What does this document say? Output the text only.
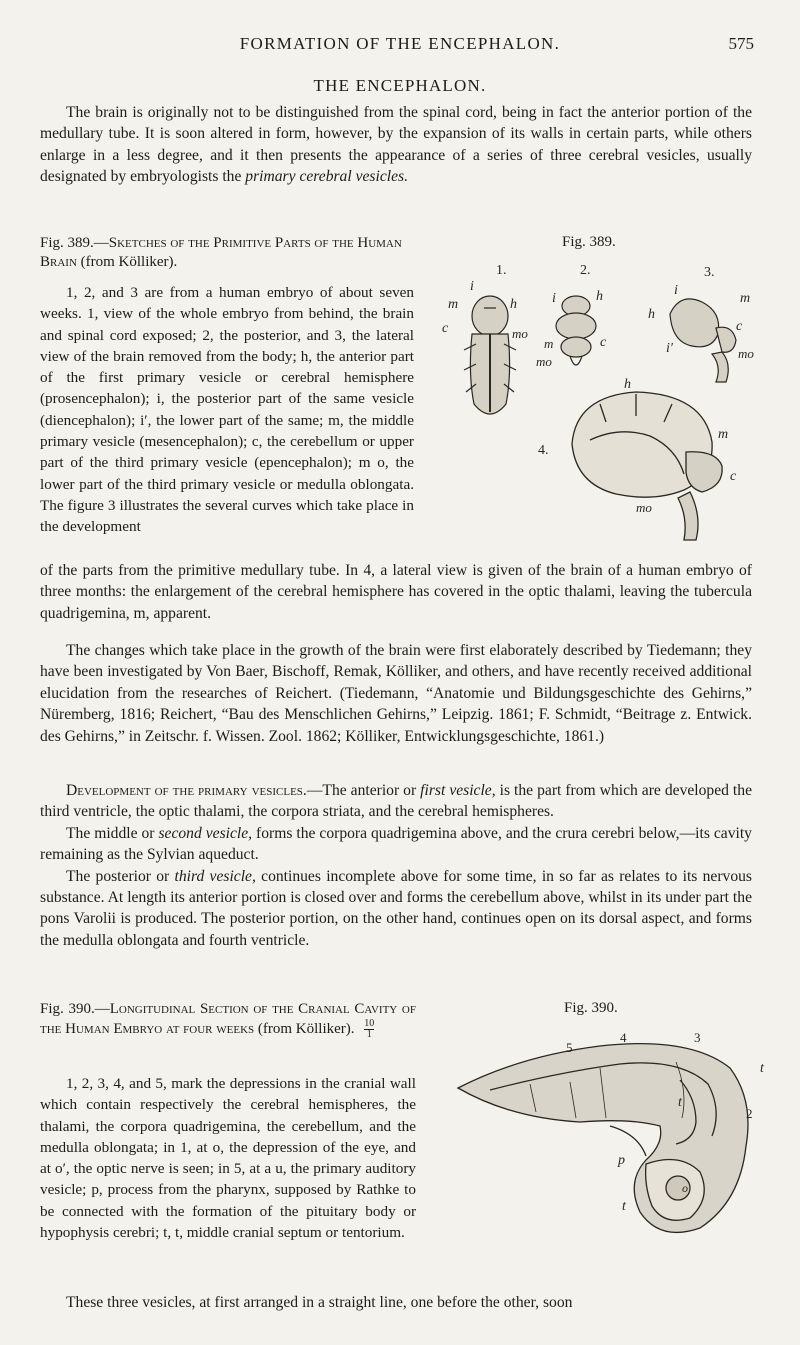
FORMATION OF THE ENCEPHALON.	575
THE ENCEPHALON.

The brain is originally not to be distinguished from the spinal cord, being in fact the anterior portion of the medullary tube. It is soon altered in form, however, by the expansion of its walls in certain parts, while others enlarge in a less degree, and it then presents the appearance of a series of three cerebral vesicles, usually designated by embryologists the primary cerebral vesicles.

Fig. 389.—Sketches of the Primitive Parts of the Human Brain (from Kölliker).

1, 2, and 3 are from a human embryo of about seven weeks. 1, view of the whole embryo from behind, the brain and spinal cord exposed; 2, the posterior, and 3, the lateral view of the brain removed from the body; h, the anterior part of the first primary vesicle or cerebral hemisphere (prosencephalon); i, the posterior part of the same vesicle (diencephalon); i′, the lower part of the same; m, the middle primary vesicle (mesencephalon); c, the cerebellum or upper part of the third primary vesicle (epencephalon); m o, the lower part of the third primary vesicle or medulla oblongata. The figure 3 illustrates the several curves which take place in the development

Fig. 389.
1.	2.	3.
4.
i
m	h
c	mo
i	h
m	c
mo
i
m
h
c
i′	mo
h
m
c
mo

of the parts from the primitive medullary tube. In 4, a lateral view is given of the brain of a human embryo of three months: the enlargement of the cerebral hemisphere has covered in the optic thalami, leaving the tubercula quadrigemina, m, apparent.

The changes which take place in the growth of the brain were first elaborately described by Tiedemann; they have been investigated by Von Baer, Bischoff, Remak, Kölliker, and others, and have recently received additional elucidation from the researches of Reichert. (Tiedemann, “Anatomie und Bildungsgeschichte des Gehirns,” Nüremberg, 1816; Reichert, “Bau des Menschlichen Gehirns,” Leipzig. 1861; F. Schmidt, “Beitrage z. Entwick. des Gehirns,” in Zeitschr. f. Wissen. Zool. 1862; Kölliker, Entwicklungsgeschichte, 1861.)

Development of the primary vesicles.—The anterior or first vesicle, is the part from which are developed the third ventricle, the optic thalami, the corpora striata, and the cerebral hemispheres.

The middle or second vesicle, forms the corpora quadrigemina above, and the crura cerebri below,—its cavity remaining as the Sylvian aqueduct.

The posterior or third vesicle, continues incomplete above for some time, in so far as relates to its nervous substance. At length its anterior portion is closed over and forms the cerebellum above, whilst in its under part the pons Varolii is produced. The posterior portion, on the other hand, continues open on its dorsal aspect, and forms the medulla oblongata and fourth ventricle.

Fig. 390.—Longitudinal Section of the Cranial Cavity of the Human Embryo at four weeks (from Kölliker). $\frac{10}{1}$

1, 2, 3, 4, and 5, mark the depressions in the cranial wall which contain respectively the cerebral hemispheres, the thalami, the corpora quadrigemina, the cerebellum, and the medulla oblongata; in 1, at o, the depression of the eye, and at o′, the optic nerve is seen; in 5, at a u, the primary auditory vesicle; p, process from the pharynx, supposed by Rathke to be connected with the formation of the pituitary body or hypophysis cerebri; t, t, middle cranial septum or tentorium.

Fig. 390.
5
4	3
2
t
t
p
t
o
These three vesicles, at first arranged in a straight line, one before the other, soon
